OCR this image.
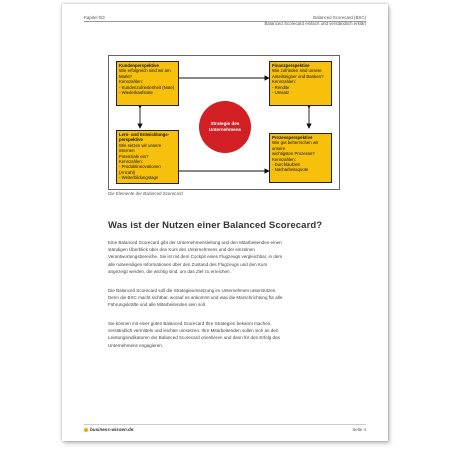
Kapitel 0/3	Balanced Scorecard (BSC)
Balanced Scorecard einfach und verständlich erklärt
Kundenperspektive
Wie erfolgreich sind wir am
Markt?
Kennzahlen:
- Kundenzufriedenheit (Note)
- Wiederkaufsrate
Finanzperspektive
Wie zufrieden sind unsere
Anteilseigner und Banken?
Kennzahlen:
- Rendite
- Umsatz
Lern- und Entwicklungs-
perspektive
Wie setzen wir unsere internen
Potenziale ein?
Kennzahlen:
- Produktinnovationen (Anzahl)
- Weiterbildungstage
Prozessperspektive
Wie gut beherrschen wir unsere
wichtigsten Prozesse?
Kennzahlen:
- Durchlaufzeit
- Nacharbeitsquote
Strategie des
Unternehmens
Die Elemente der Balanced Scorecard
Was ist der Nutzen einer Balanced Scorecard?
Eine Balanced Scorecard gibt der Unternehmensleitung und den Mitarbeitenden einen
ständigen Überblick über den Kurs des Unternehmens und der einzelnen
Verantwortungsbereiche. Sie ist mit dem Cockpit eines Flugzeugs vergleichbar, in dem
alle notwendigen Informationen über den Zustand des Flugzeugs und den Kurs
angezeigt werden, die wichtig sind, um das Ziel zu erreichen.
Die Balanced Scorecard soll die Strategieumsetzung im Unternehmen unterstützen.
Denn die BSC macht sichtbar, worauf es ankommt und was die Marschrichtung für alle
Führungskräfte und alle Mitarbeitenden sein soll.
Sie können mit einer guten Balanced Scorecard Ihre Strategien bekannt machen,
verständlich vermitteln und leichter umsetzen. Ihre Mitarbeitenden sollen sich an den
Leistungsindikatoren der Balanced Scorecard orientieren und dann für den Erfolg des
Unternehmens engagieren.
business-wissen.de	Seite 4
